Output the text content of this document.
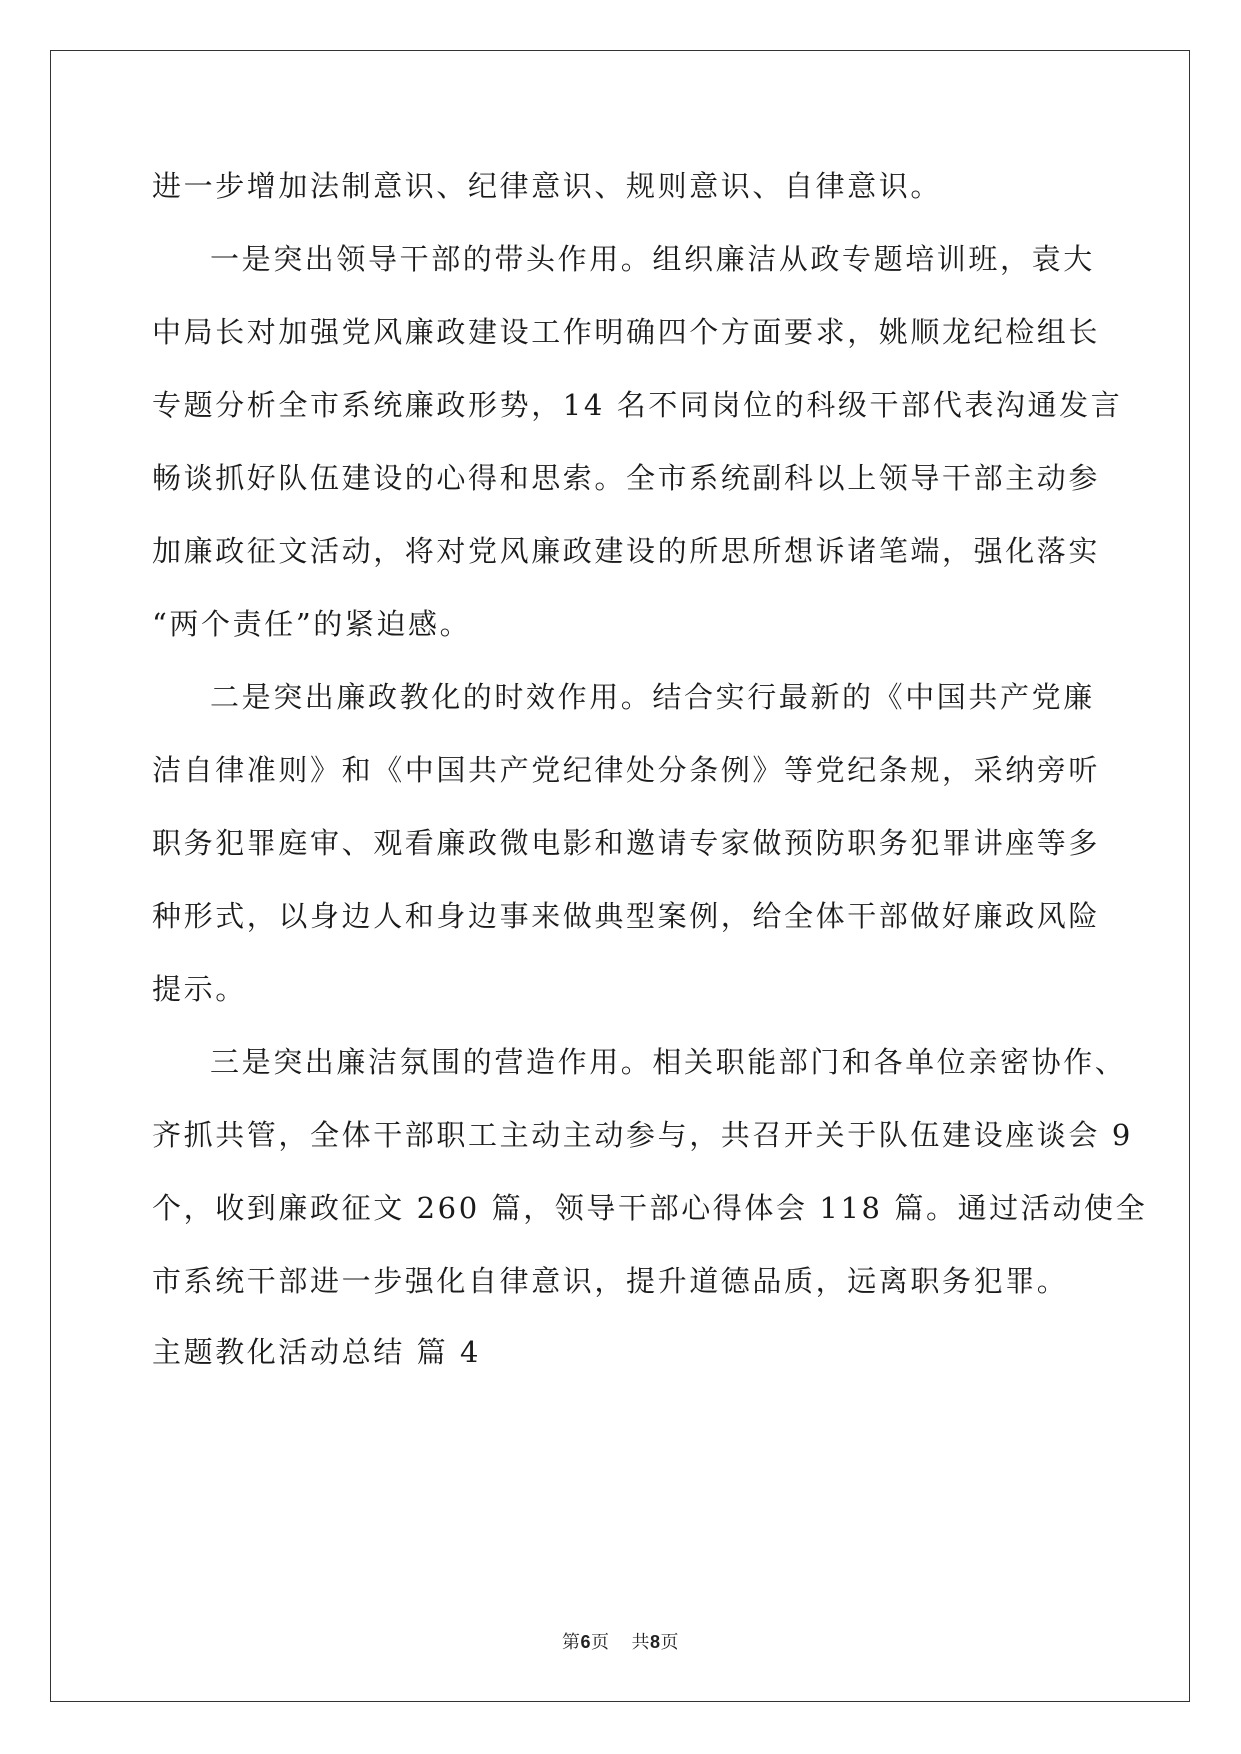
进一步增加法制意识、纪律意识、规则意识、自律意识。
一是突出领导干部的带头作用。组织廉洁从政专题培训班，袁大
中局长对加强党风廉政建设工作明确四个方面要求，姚顺龙纪检组长
专题分析全市系统廉政形势，14 名不同岗位的科级干部代表沟通发言
畅谈抓好队伍建设的心得和思索。全市系统副科以上领导干部主动参
加廉政征文活动，将对党风廉政建设的所思所想诉诸笔端，强化落实
“两个责任”的紧迫感。
二是突出廉政教化的时效作用。结合实行最新的《中国共产党廉
洁自律准则》和《中国共产党纪律处分条例》等党纪条规，采纳旁听
职务犯罪庭审、观看廉政微电影和邀请专家做预防职务犯罪讲座等多
种形式，以身边人和身边事来做典型案例，给全体干部做好廉政风险
提示。
三是突出廉洁氛围的营造作用。相关职能部门和各单位亲密协作、
齐抓共管，全体干部职工主动主动参与，共召开关于队伍建设座谈会 9
个，收到廉政征文 260 篇，领导干部心得体会 118 篇。通过活动使全
市系统干部进一步强化自律意识，提升道德品质，远离职务犯罪。
主题教化活动总结 篇 4
第6页 共8页
